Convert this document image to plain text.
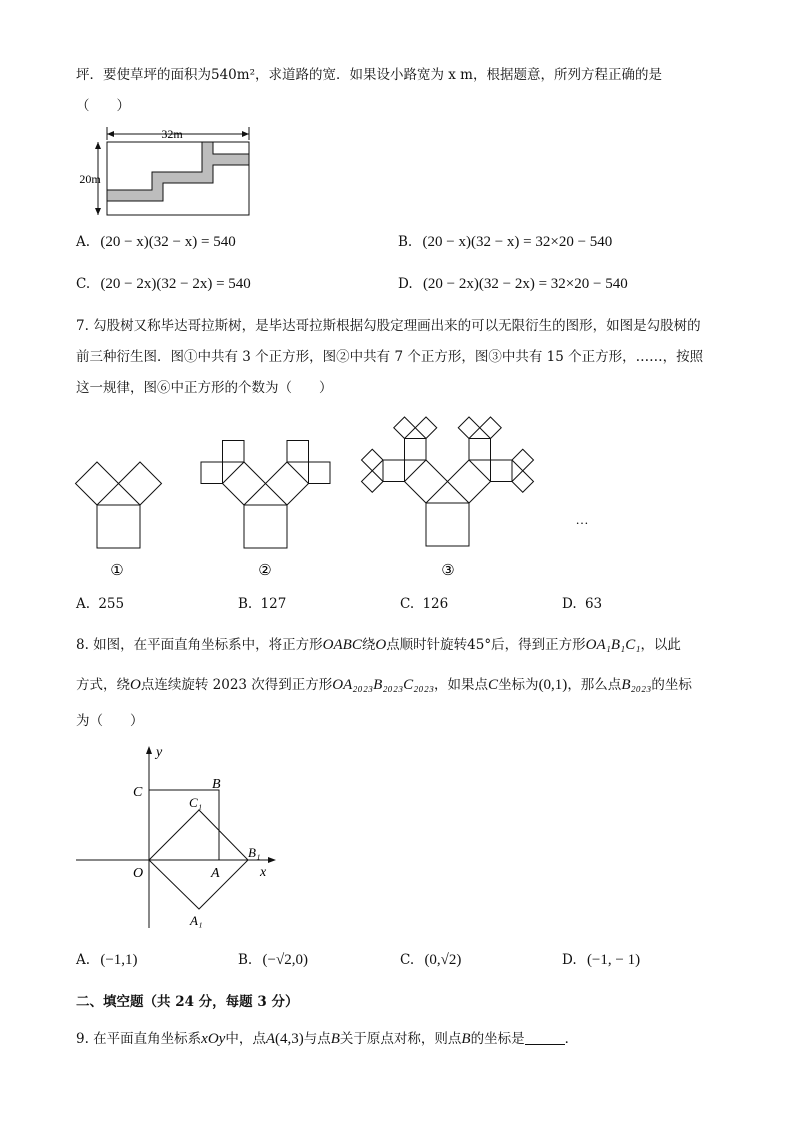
坪．要使草坪的面积为540m²，求道路的宽．如果设小路宽为 x m，根据题意，所列方程正确的是
（　　）
32m
20m
A. (20 − x)(32 − x) = 540	B. (20 − x)(32 − x) = 32×20 − 540
C. (20 − 2x)(32 − 2x) = 540	D. (20 − 2x)(32 − 2x) = 32×20 − 540
7. 勾股树又称毕达哥拉斯树，是毕达哥拉斯根据勾股定理画出来的可以无限衍生的图形，如图是勾股树的
前三种衍生图．图①中共有 3 个正方形，图②中共有 7 个正方形，图③中共有 15 个正方形，……，按照
这一规律，图⑥中正方形的个数为（　　）
①	②	③
…
A. 255	B. 127	C. 126	D. 63
8. 如图，在平面直角坐标系中，将正方形OABC绕O点顺时针旋转45°后，得到正方形OA₁B₁C₁，以此
方式，绕O点连续旋转 2023 次得到正方形OA₂₀₂₃B₂₀₂₃C₂₀₂₃，如果点C坐标为(0,1)，那么点B₂₀₂₃的坐标
为（　　）
y
x
O	A
B
C
C₁
B₁
A₁
A. (−1,1)	B. (−√2,0)	C. (0,√2)	D. (−1, − 1)
二、填空题（共 24 分，每题 3 分）
9. 在平面直角坐标系xOy中，点A(4,3)与点B关于原点对称，则点B的坐标是	．
